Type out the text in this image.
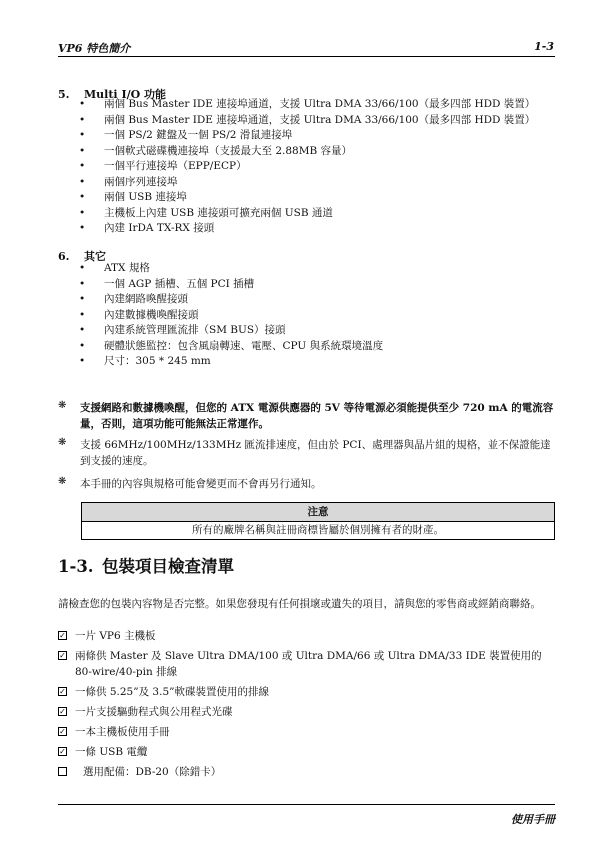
VP6 特色簡介	1-3
5. Multi I/O 功能
• 兩個 Bus Master IDE 連接埠通道，支援 Ultra DMA 33/66/100（最多四部 HDD 裝置）
• 兩個 Bus Master IDE 連接埠通道，支援 Ultra DMA 33/66/100（最多四部 HDD 裝置）
• 一個 PS/2 鍵盤及一個 PS/2 滑鼠連接埠
• 一個軟式磁碟機連接埠（支援最大至 2.88MB 容量）
• 一個平行連接埠（EPP/ECP）
• 兩個序列連接埠
• 兩個 USB 連接埠
• 主機板上內建 USB 連接頭可擴充兩個 USB 通道
• 內建 IrDA TX-RX 接頭
6. 其它
• ATX 規格
• 一個 AGP 插槽、五個 PCI 插槽
• 內建網路喚醒接頭
• 內建數據機喚醒接頭
• 內建系統管理匯流排（SM BUS）接頭
• 硬體狀態監控：包含風扇轉速、電壓、CPU 與系統環境溫度
• 尺寸：305 * 245 mm
❋ 支援網路和數據機喚醒，但您的 ATX 電源供應器的 5V 等待電源必須能提供至少 720 mA 的電流容量，否則，這項功能可能無法正常運作。
❋ 支援 66MHz/100MHz/133MHz 匯流排速度，但由於 PCI、處理器與晶片組的規格，並不保證能達到支援的速度。
❋ 本手冊的內容與規格可能會變更而不會再另行通知。
注意
所有的廠牌名稱與註冊商標皆屬於個別擁有者的財產。
1-3. 包裝項目檢查清單
請檢查您的包裝內容物是否完整。如果您發現有任何損壞或遺失的項目，請與您的零售商或經銷商聯絡。
✓ 一片 VP6 主機板
✓ 兩條供 Master 及 Slave Ultra DMA/100 或 Ultra DMA/66 或 Ultra DMA/33 IDE 裝置使用的 80-wire/40-pin 排線
✓ 一條供 5.25”及 3.5”軟碟裝置使用的排線
✓ 一片支援驅動程式與公用程式光碟
✓ 一本主機板使用手冊
✓ 一條 USB 電纜
選用配備：DB-20（除錯卡）
使用手冊
